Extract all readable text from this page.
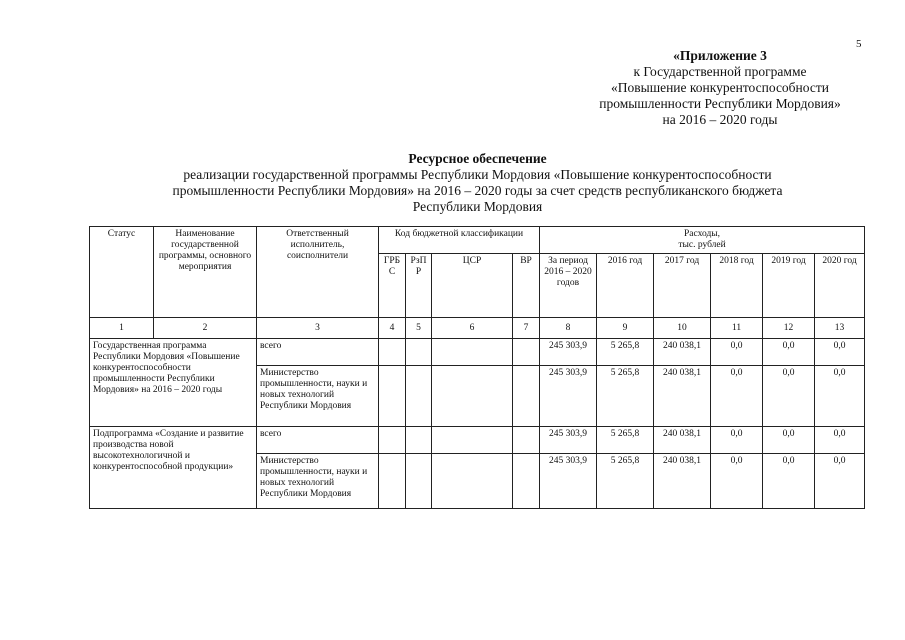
5
«Приложение 3
к Государственной программе
«Повышение конкурентоспособности
промышленности Республики Мордовия»
на 2016 – 2020 годы
Ресурсное обеспечение
реализации государственной программы Республики Мордовия «Повышение конкурентоспособности
промышленности Республики Мордовия» на 2016 – 2020 годы за счет средств республиканского бюджета
Республики Мордовия
Статус	Наименование государственной программы, основного мероприятия	Ответственный исполнитель, соисполнители	Код бюджетной классификации				Расходы,
тыс. рублей					

			ГРБ С	РзП Р	ЦСР	ВР	За период 2016 – 2020 годов	2016 год	2017 год	2018 год	2019 год	2020 год
1	2	3	4	5	6	7	8	9	10	11	12	13
Государственная программа Республики Мордовия «Повышение конкурентоспособности промышленности Республики Мордовия» на 2016 – 2020 годы		всего					245 303,9	5 265,8	240 038,1	0,0	0,0	0,0
		Министерство промышленности, науки и новых технологий Республики Мордовия					245 303,9	5 265,8	240 038,1	0,0	0,0	0,0
Подпрограмма «Создание и развитие производства новой высокотехнологичной и конкурентоспособной продукции»		всего					245 303,9	5 265,8	240 038,1	0,0	0,0	0,0
		Министерство промышленности, науки и новых технологий Республики Мордовия					245 303,9	5 265,8	240 038,1	0,0	0,0	0,0
